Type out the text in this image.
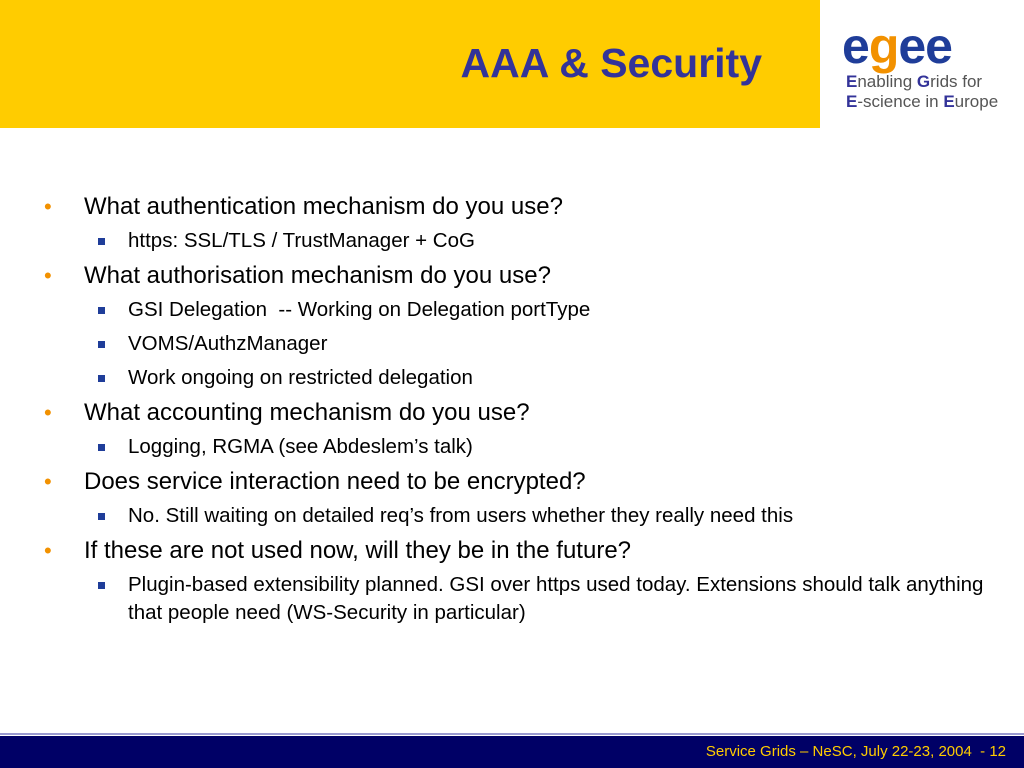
AAA & Security egee
Enabling Grids for
E-science in Europe
• What authentication mechanism do you use?
https: SSL/TLS / TrustManager + CoG
• What authorisation mechanism do you use?
GSI Delegation  -- Working on Delegation portType
VOMS/AuthzManager
Work ongoing on restricted delegation
• What accounting mechanism do you use?
Logging, RGMA (see Abdeslem’s talk)
• Does service interaction need to be encrypted?
No. Still waiting on detailed req’s from users whether they really need this
• If these are not used now, will they be in the future?
Plugin-based extensibility planned. GSI over https used today. Extensions should talk anything that people need (WS-Security in particular)
Service Grids – NeSC, July 22-23, 2004  - 12
